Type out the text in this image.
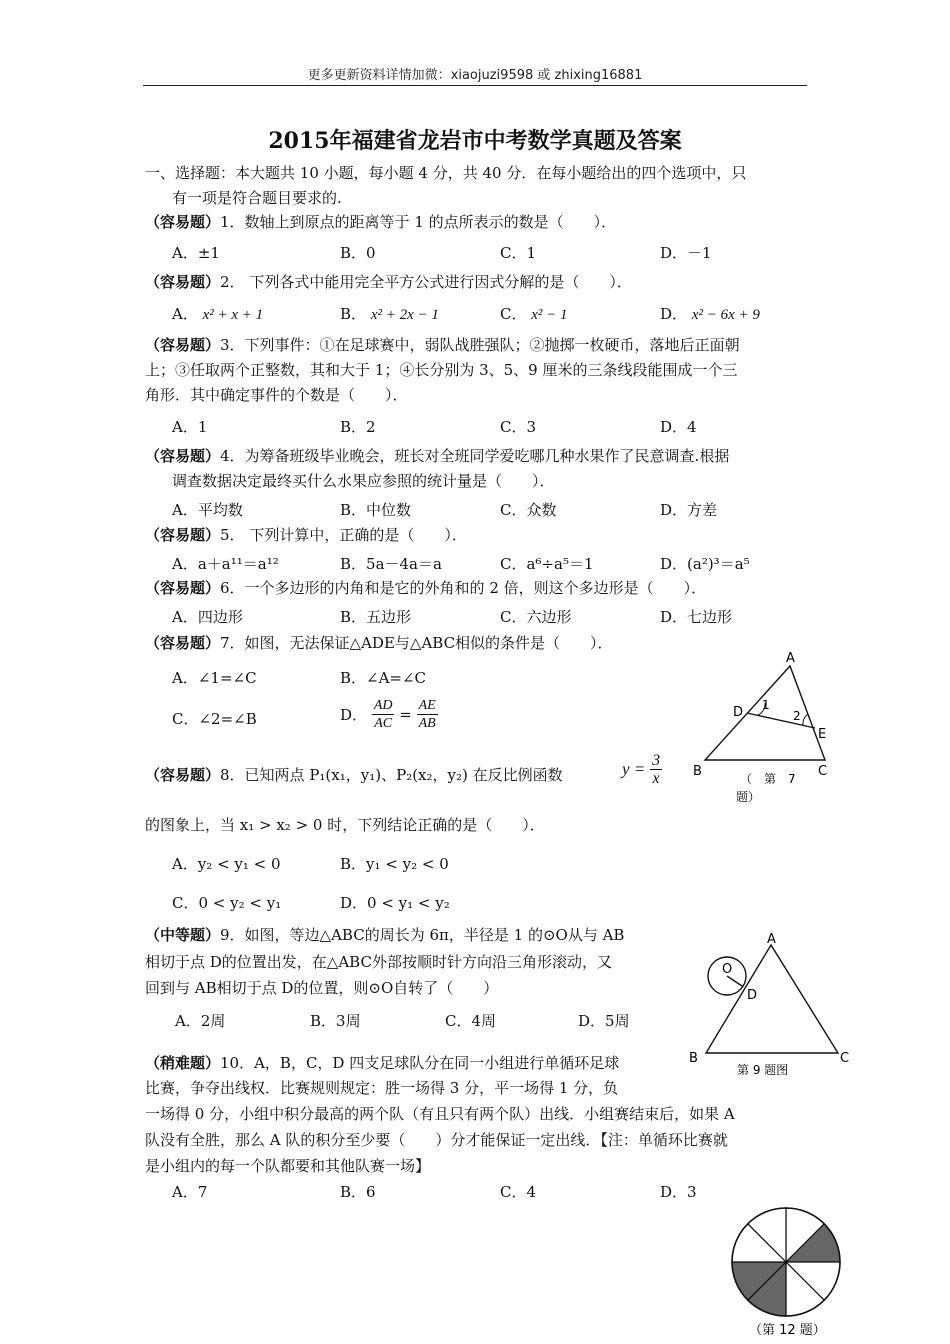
更多更新资料详情加微：xiaojuzi9598 或 zhixing16881
2015年福建省龙岩市中考数学真题及答案
一、选择题：本大题共 10 小题，每小题 4 分，共 40 分．在每小题给出的四个选项中，只
有一项是符合题目要求的.
（容易题）1．数轴上到原点的距离等于 1 的点所表示的数是（　　）．
A．±1	B．0	C．1	D．－1
（容易题）2． 下列各式中能用完全平方公式进行因式分解的是（　　）．
A． x² + x + 1	B． x² + 2x − 1	C． x² − 1	D． x² − 6x + 9
（容易题）3．下列事件：①在足球赛中，弱队战胜强队；②抛掷一枚硬币，落地后正面朝
上；③任取两个正整数，其和大于 1；④长分别为 3、5、9 厘米的三条线段能围成一个三
角形．其中确定事件的个数是（　　）．
A．1	B．2	C．3	D．4
（容易题）4．为筹备班级毕业晚会，班长对全班同学爱吃哪几种水果作了民意调查.根据
调查数据决定最终买什么水果应参照的统计量是（　　）．
A．平均数	B．中位数	C．众数	D．方差
（容易题）5． 下列计算中，正确的是（　　）．
A．a＋a¹¹＝a¹²	B．5a－4a＝a	C．a⁶÷a⁵＝1	D．(a²)³＝a⁵
（容易题）6．一个多边形的内角和是它的外角和的 2 倍，则这个多边形是（　　）．
A．四边形	B．五边形	C．六边形	D．七边形
（容易题）7．如图，无法保证△ADE与△ABC相似的条件是（　　）．
A．∠1=∠C	B．∠A=∠C
C．∠2=∠B	D． $\frac{AD}{AC} = \frac{AE}{AB}$
A
D 1
2
E
B	C
（　第　7
题）
（容易题）8．已知两点 P₁(x₁，y₁)、P₂(x₂，y₂) 在反比例函数	$y = \frac{3}{x}$
的图象上，当 x₁ > x₂ > 0 时，下列结论正确的是（　　）．
A．y₂ < y₁ < 0	B．y₁ < y₂ < 0
C．0 < y₂ < y₁	D．0 < y₁ < y₂
（中等题）9．如图，等边△ABC的周长为 6π，半径是 1 的⊙O从与 AB
相切于点 D的位置出发，在△ABC外部按顺时针方向沿三角形滚动，又
回到与 AB相切于点 D的位置，则⊙O自转了（　　）
A．2周	B．3周	C．4周	D．5周
A
O
D
B	C
第 9 题图
（稍难题）10．A，B，C，D 四支足球队分在同一小组进行单循环足球
比赛，争夺出线权．比赛规则规定：胜一场得 3 分，平一场得 1 分，负
一场得 0 分，小组中积分最高的两个队（有且只有两个队）出线．小组赛结束后，如果 A
队没有全胜，那么 A 队的积分至少要（　　）分才能保证一定出线．【注：单循环比赛就
是小组内的每一个队都要和其他队赛一场】
A．7	B．6	C．4	D．3
（第 12 题）
